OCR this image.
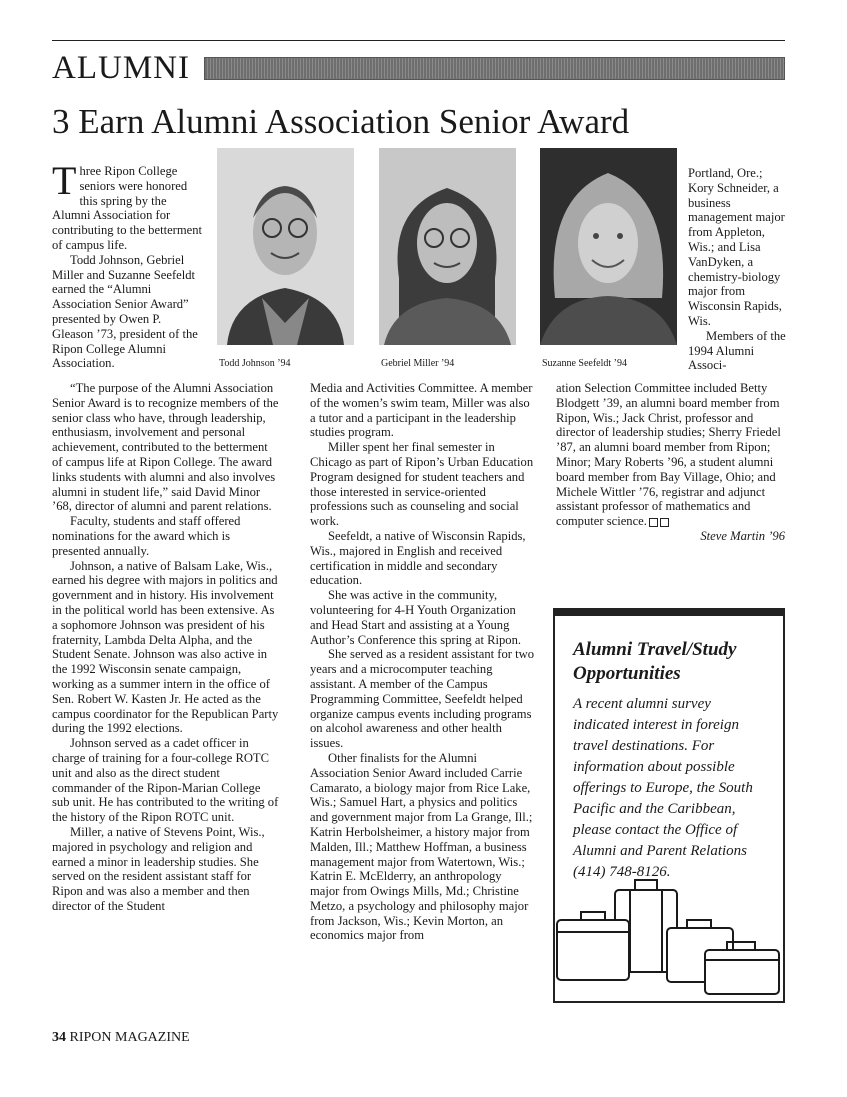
ALUMNI
3 Earn Alumni Association Senior Award

Three Ripon College seniors were honored this spring by the Alumni Association for contributing to the betterment of campus life.

Todd Johnson, Gebriel Miller and Suzanne Seefeldt earned the “Alumni Association Senior Award” presented by Owen P. Gleason ’73, president of the Ripon College Alumni Association.	Todd Johnson ’94	Gebriel Miller ’94	Suzanne Seefeldt ’94

Portland, Ore.; Kory Schneider, a business management major from Appleton, Wis.; and Lisa VanDyken, a chemistry-biology major from Wisconsin Rapids, Wis.

Members of the 1994 Alumni Associ-

“The purpose of the Alumni Association Senior Award is to recognize members of the senior class who have, through leadership, enthusiasm, involvement and personal achievement, contributed to the betterment of campus life at Ripon College. The award links students with alumni and also involves alumni in student life,” said David Minor ’68, director of alumni and parent relations.

Faculty, students and staff offered nominations for the award which is presented annually.

Johnson, a native of Balsam Lake, Wis., earned his degree with majors in politics and government and in history. His involvement in the political world has been extensive. As a sophomore Johnson was president of his fraternity, Lambda Delta Alpha, and the Student Senate. Johnson was also active in the 1992 Wisconsin senate campaign, working as a summer intern in the office of Sen. Robert W. Kasten Jr. He acted as the campus coordinator for the Republican Party during the 1992 elections.

Johnson served as a cadet officer in charge of training for a four-college ROTC unit and also as the direct student commander of the Ripon-Marian College sub unit. He has contributed to the writing of the history of the Ripon ROTC unit.

Miller, a native of Stevens Point, Wis., majored in psychology and religion and earned a minor in leadership studies. She served on the resident assistant staff for Ripon and was also a member and then director of the Student

Media and Activities Committee. A member of the women’s swim team, Miller was also a tutor and a participant in the leadership studies program.

Miller spent her final semester in Chicago as part of Ripon’s Urban Education Program designed for student teachers and those interested in service-oriented professions such as counseling and social work.

Seefeldt, a native of Wisconsin Rapids, Wis., majored in English and received certification in middle and secondary education.

She was active in the community, volunteering for 4-H Youth Organization and Head Start and assisting at a Young Author’s Conference this spring at Ripon.

She served as a resident assistant for two years and a microcomputer teaching assistant. A member of the Campus Programming Committee, Seefeldt helped organize campus events including programs on alcohol awareness and other health issues.

Other finalists for the Alumni Association Senior Award included Carrie Camarato, a biology major from Rice Lake, Wis.; Samuel Hart, a physics and politics and government major from La Grange, Ill.; Katrin Herbolsheimer, a history major from Malden, Ill.; Matthew Hoffman, a business management major from Watertown, Wis.; Katrin E. McElderry, an anthropology major from Owings Mills, Md.; Christine Metzo, a psychology and philosophy major from Jackson, Wis.; Kevin Morton, an economics major from

ation Selection Committee included Betty Blodgett ’39, an alumni board member from Ripon, Wis.; Jack Christ, professor and director of leadership studies; Sherry Friedel ’87, an alumni board member from Ripon; Minor; Mary Roberts ’96, a student alumni board member from Bay Village, Ohio; and Michele Wittler ’76, registrar and adjunct assistant professor of mathematics and computer science.

Steve Martin ’96
Alumni Travel/Study Opportunities
A recent alumni survey indicated interest in foreign travel destinations. For information about possible offerings to Europe, the South Pacific and the Caribbean, please contact the Office of Alumni and Parent Relations (414) 748-8126.
34 RIPON MAGAZINE
